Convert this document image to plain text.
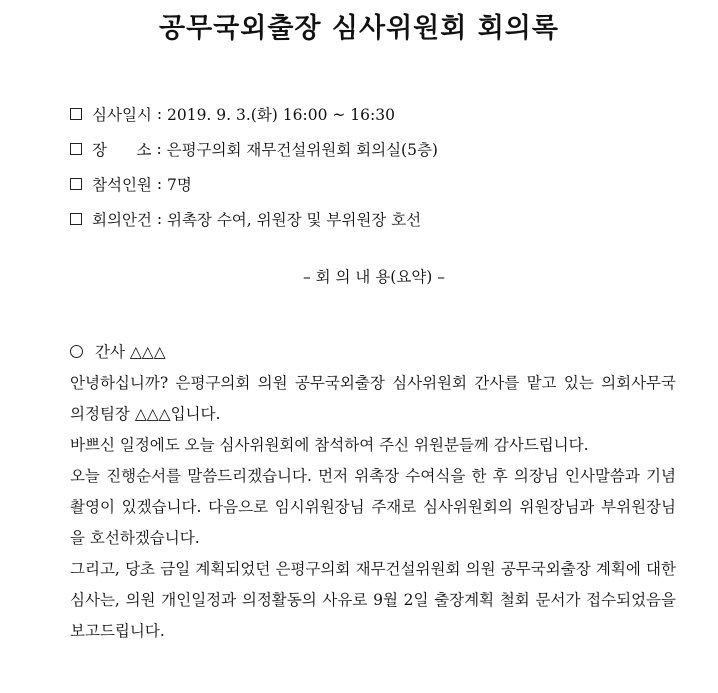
공무국외출장 심사위원회 회의록
심사일시 : 2019. 9. 3.(화) 16:00 ~ 16:30
장      소 : 은평구의회 재무건설위원회 회의실(5층)
참석인원 : 7명
회의안건 : 위촉장 수여, 위원장 및 부위원장 호선
– 회 의 내 용(요약) –
간사 △△△

안녕하십니까? 은평구의회 의원 공무국외출장 심사위원회 간사를 맡고 있는 의회사무국 의정팀장 △△△입니다.

바쁘신 일정에도 오늘 심사위원회에 참석하여 주신 위원분들께 감사드립니다.

오늘 진행순서를 말씀드리겠습니다. 먼저 위촉장 수여식을 한 후 의장님 인사말씀과 기념촬영이 있겠습니다. 다음으로 임시위원장님 주재로 심사위원회의 위원장님과 부위원장님을 호선하겠습니다.

그리고, 당초 금일 계획되었던 은평구의회 재무건설위원회 의원 공무국외출장 계획에 대한 심사는, 의원 개인일정과 의정활동의 사유로 9월 2일 출장계획 철회 문서가 접수되었음을 보고드립니다.
